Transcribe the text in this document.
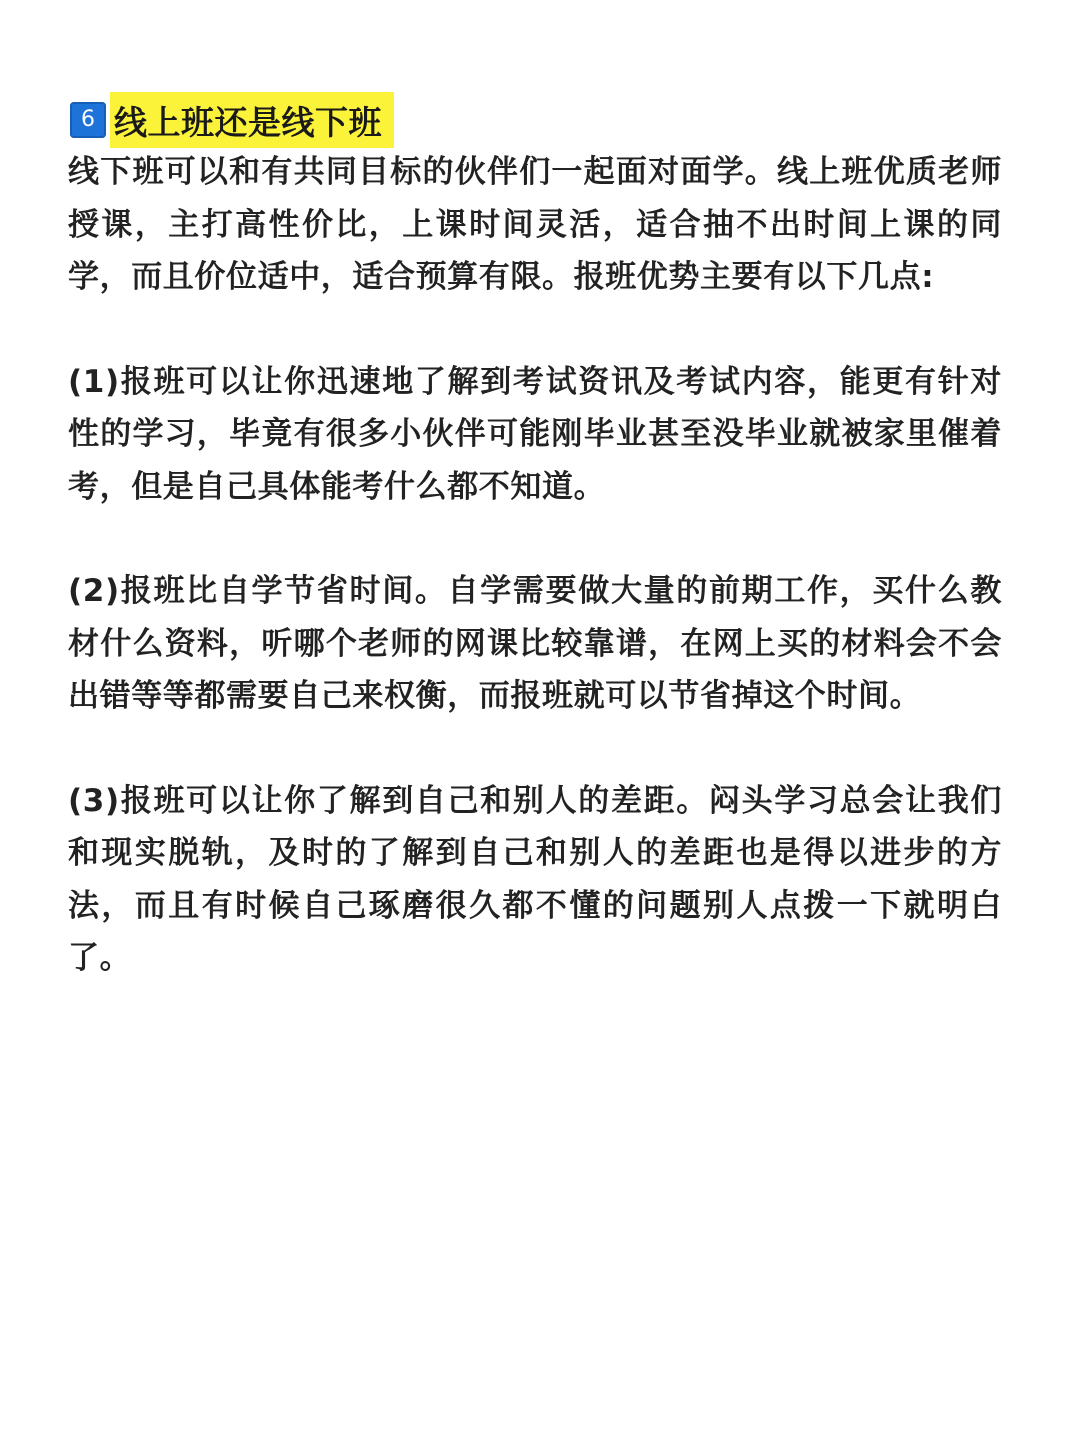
6 线上班还是线下班

线下班可以和有共同目标的伙伴们一起面对面学。线上班优质老师授课，主打高性价比，上课时间灵活，适合抽不出时间上课的同学，而且价位适中，适合预算有限。报班优势主要有以下几点:

(1)报班可以让你迅速地了解到考试资讯及考试内容，能更有针对性的学习，毕竟有很多小伙伴可能刚毕业甚至没毕业就被家里催着考，但是自己具体能考什么都不知道。

(2)报班比自学节省时间。自学需要做大量的前期工作，买什么教材什么资料，听哪个老师的网课比较靠谱，在网上买的材料会不会出错等等都需要自己来权衡，而报班就可以节省掉这个时间。

(3)报班可以让你了解到自己和别人的差距。闷头学习总会让我们和现实脱轨，及时的了解到自己和别人的差距也是得以进步的方法，而且有时候自己琢磨很久都不懂的问题别人点拨一下就明白了。
